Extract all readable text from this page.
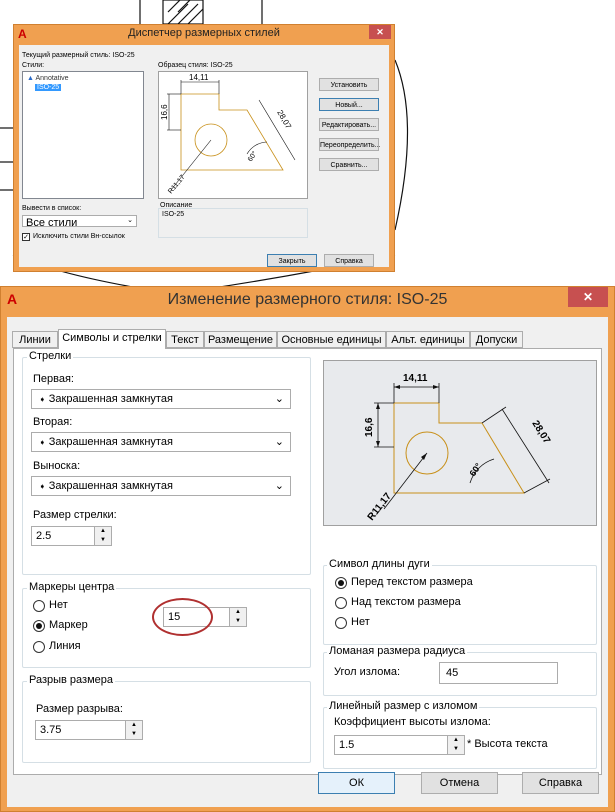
A	Диспетчер размерных стилей	✕
Текущий размерный стиль: ISO-25
Стили:
▲ Annotative
ISO-25
Образец стиля: ISO-25
14,11
16,6	28,07
60°
R11,17
Установить
Новый...
Редактировать...
Переопределить...
Сравнить...
Вывести в список:
Все стили	⌄
✓ Исключить стили Вн-ссылок
Описание
ISO-25
Закрыть	Справка
A	Изменение размерного стиля: ISO-25	✕
Линии	Символы и стрелки Текст Размещение Основные единицы Альт. единицы	Допуски
Стрелки
Первая:
➧ Закрашенная замкнутая	⌄
Вторая:
➧ Закрашенная замкнутая	⌄
Выноска:
➧ Закрашенная замкнутая	⌄
Размер стрелки:
2.5	▲
▼
Маркеры центра
Нет
Маркер
Линия
15	▲
▼
Разрыв размера
Размер разрыва:
3.75	▲
▼
14,11
16,6	28,07
60°
R11,17
Символ длины дуги
Перед текстом размера
Над текстом размера
Нет
Ломаная размера радиуса
Угол излома:	45
Линейный размер с изломом
Коэффициент высоты излома:
1.5	▲
▼ * Высота текста
ОК	Отмена	Справка
